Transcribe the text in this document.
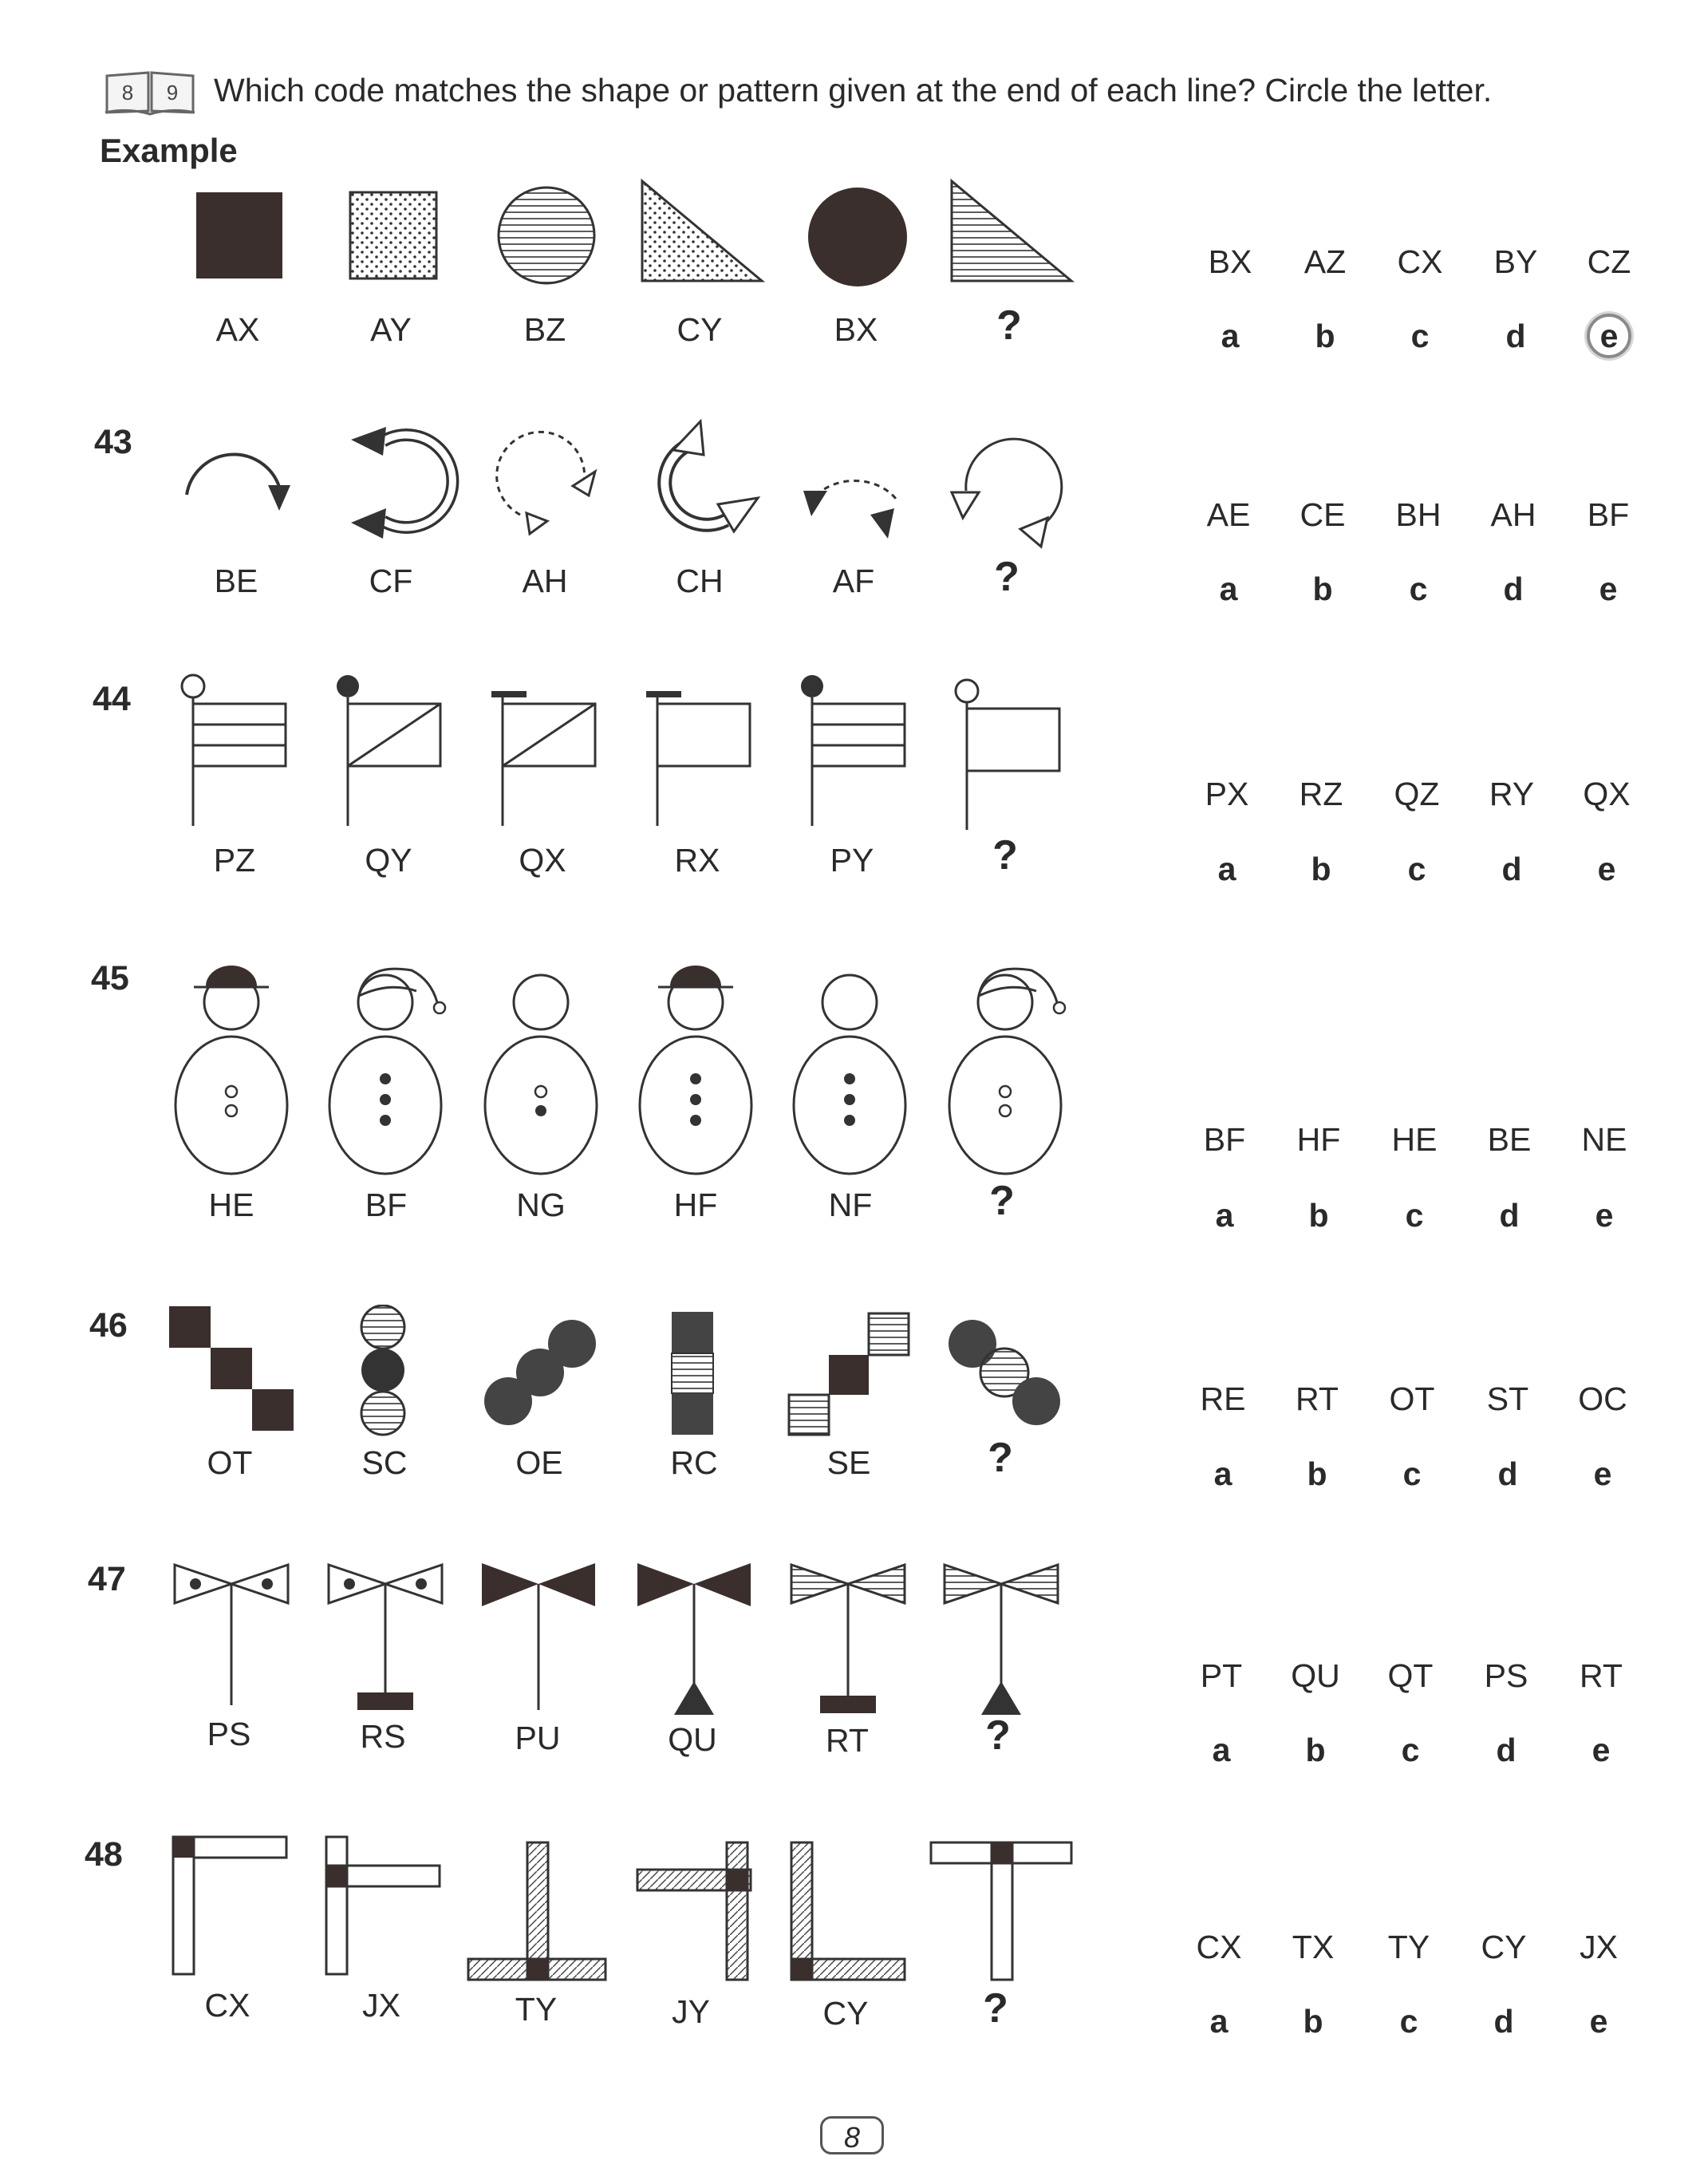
8 9 Which code matches the shape or pattern given at the end of each line? Circle the letter.
Example
AX	AY	BZ	CY	BX	?
BX	AZ	CX	BY	CZ
a	b	c	d	e
43
BE	CF	AH	CH	AF	?
AE	CE	BH	AH	BF
a	b	c	d	e
44
PZ	QY	QX	RX	PY	?
PX	RZ	QZ	RY	QX
a	b	c	d	e
45
HE	BF	NG	HF	NF	?
BF	HF	HE	BE	NE
a	b	c	d	e
46
OT	SC	OE	RC	SE	?
RE	RT	OT	ST	OC
a	b	c	d	e
47
PS	RS	PU	QU	RT	?
PT	QU	QT	PS	RT
a	b	c	d	e
48
CX	JX	TY	JY	CY	?
CX	TX	TY	CY	JX
a	b	c	d	e
8
